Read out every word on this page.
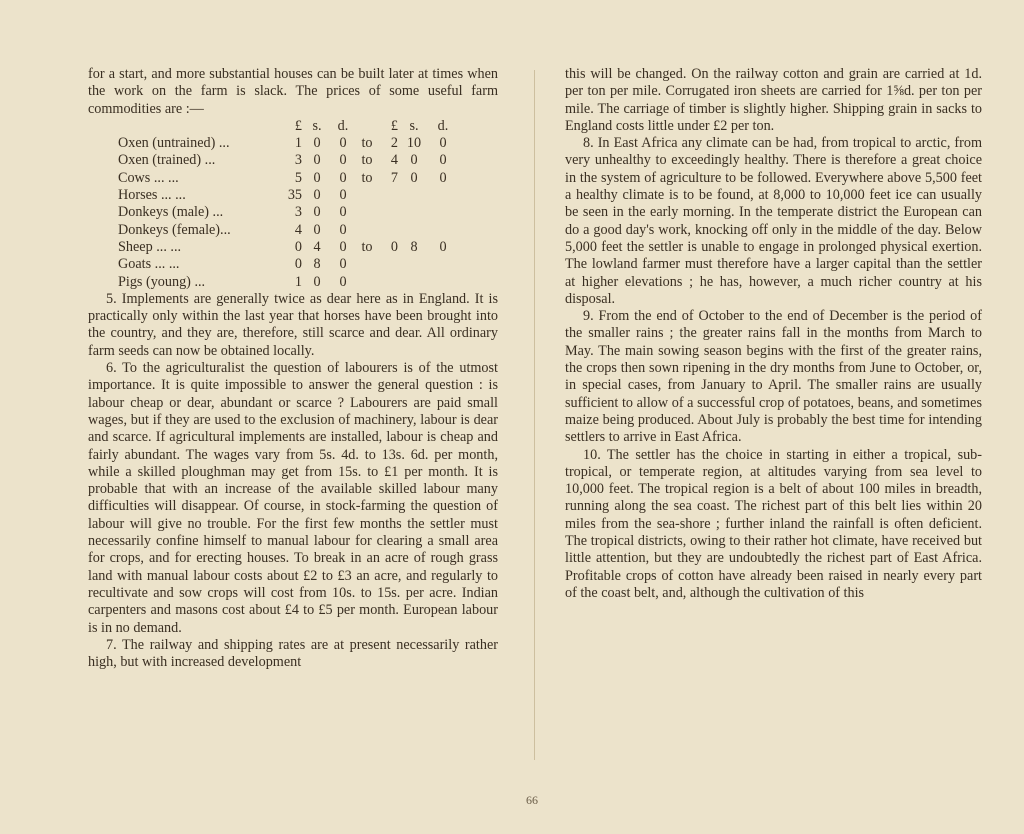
for a start, and more substantial houses can be built later at times when the work on the farm is slack. The prices of some useful farm commodities are :—

	£	s.	d.		£	s.	d.
Oxen (untrained) ...	1	0	0	to	2	10	0
Oxen (trained) ...	3	0	0	to	4	0	0
Cows ... ...	5	0	0	to	7	0	0
Horses ... ...	35	0	0				
Donkeys (male) ...	3	0	0				
Donkeys (female)...	4	0	0				
Sheep ... ...	0	4	0	to	0	8	0
Goats ... ...	0	8	0				
Pigs (young) ...	1	0	0				

5. Implements are generally twice as dear here as in England. It is practically only within the last year that horses have been brought into the country, and they are, therefore, still scarce and dear. All ordinary farm seeds can now be obtained locally.

6. To the agriculturalist the question of labourers is of the utmost importance. It is quite impossible to answer the general question : is labour cheap or dear, abundant or scarce ? Labourers are paid small wages, but if they are used to the exclusion of machinery, labour is dear and scarce. If agricultural implements are installed, labour is cheap and fairly abundant. The wages vary from 5s. 4d. to 13s. 6d. per month, while a skilled ploughman may get from 15s. to £1 per month. It is probable that with an increase of the available skilled labour many difficulties will disappear. Of course, in stock-farming the question of labour will give no trouble. For the first few months the settler must necessarily confine himself to manual labour for clearing a small area for crops, and for erecting houses. To break in an acre of rough grass land with manual labour costs about £2 to £3 an acre, and regularly to recultivate and sow crops will cost from 10s. to 15s. per acre. Indian carpenters and masons cost about £4 to £5 per month. European labour is in no demand.

7. The railway and shipping rates are at present necessarily rather high, but with increased development

this will be changed. On the railway cotton and grain are carried at 1d. per ton per mile. Corrugated iron sheets are carried for 1⅝d. per ton per mile. The carriage of timber is slightly higher. Shipping grain in sacks to England costs little under £2 per ton.

8. In East Africa any climate can be had, from tropical to arctic, from very unhealthy to exceedingly healthy. There is therefore a great choice in the system of agriculture to be followed. Everywhere above 5,500 feet a healthy climate is to be found, at 8,000 to 10,000 feet ice can usually be seen in the early morning. In the temperate district the European can do a good day's work, knocking off only in the middle of the day. Below 5,000 feet the settler is unable to engage in prolonged physical exertion. The lowland farmer must therefore have a larger capital than the settler at higher elevations ; he has, however, a much richer country at his disposal.

9. From the end of October to the end of December is the period of the smaller rains ; the greater rains fall in the months from March to May. The main sowing season begins with the first of the greater rains, the crops then sown ripening in the dry months from June to October, or, in special cases, from January to April. The smaller rains are usually sufficient to allow of a successful crop of potatoes, beans, and sometimes maize being produced. About July is probably the best time for intending settlers to arrive in East Africa.

10. The settler has the choice in starting in either a tropical, sub-tropical, or temperate region, at altitudes varying from sea level to 10,000 feet. The tropical region is a belt of about 100 miles in breadth, running along the sea coast. The richest part of this belt lies within 20 miles from the sea-shore ; further inland the rainfall is often deficient. The tropical districts, owing to their rather hot climate, have received but little attention, but they are undoubtedly the richest part of East Africa. Profitable crops of cotton have already been raised in nearly every part of the coast belt, and, although the cultivation of this

66
